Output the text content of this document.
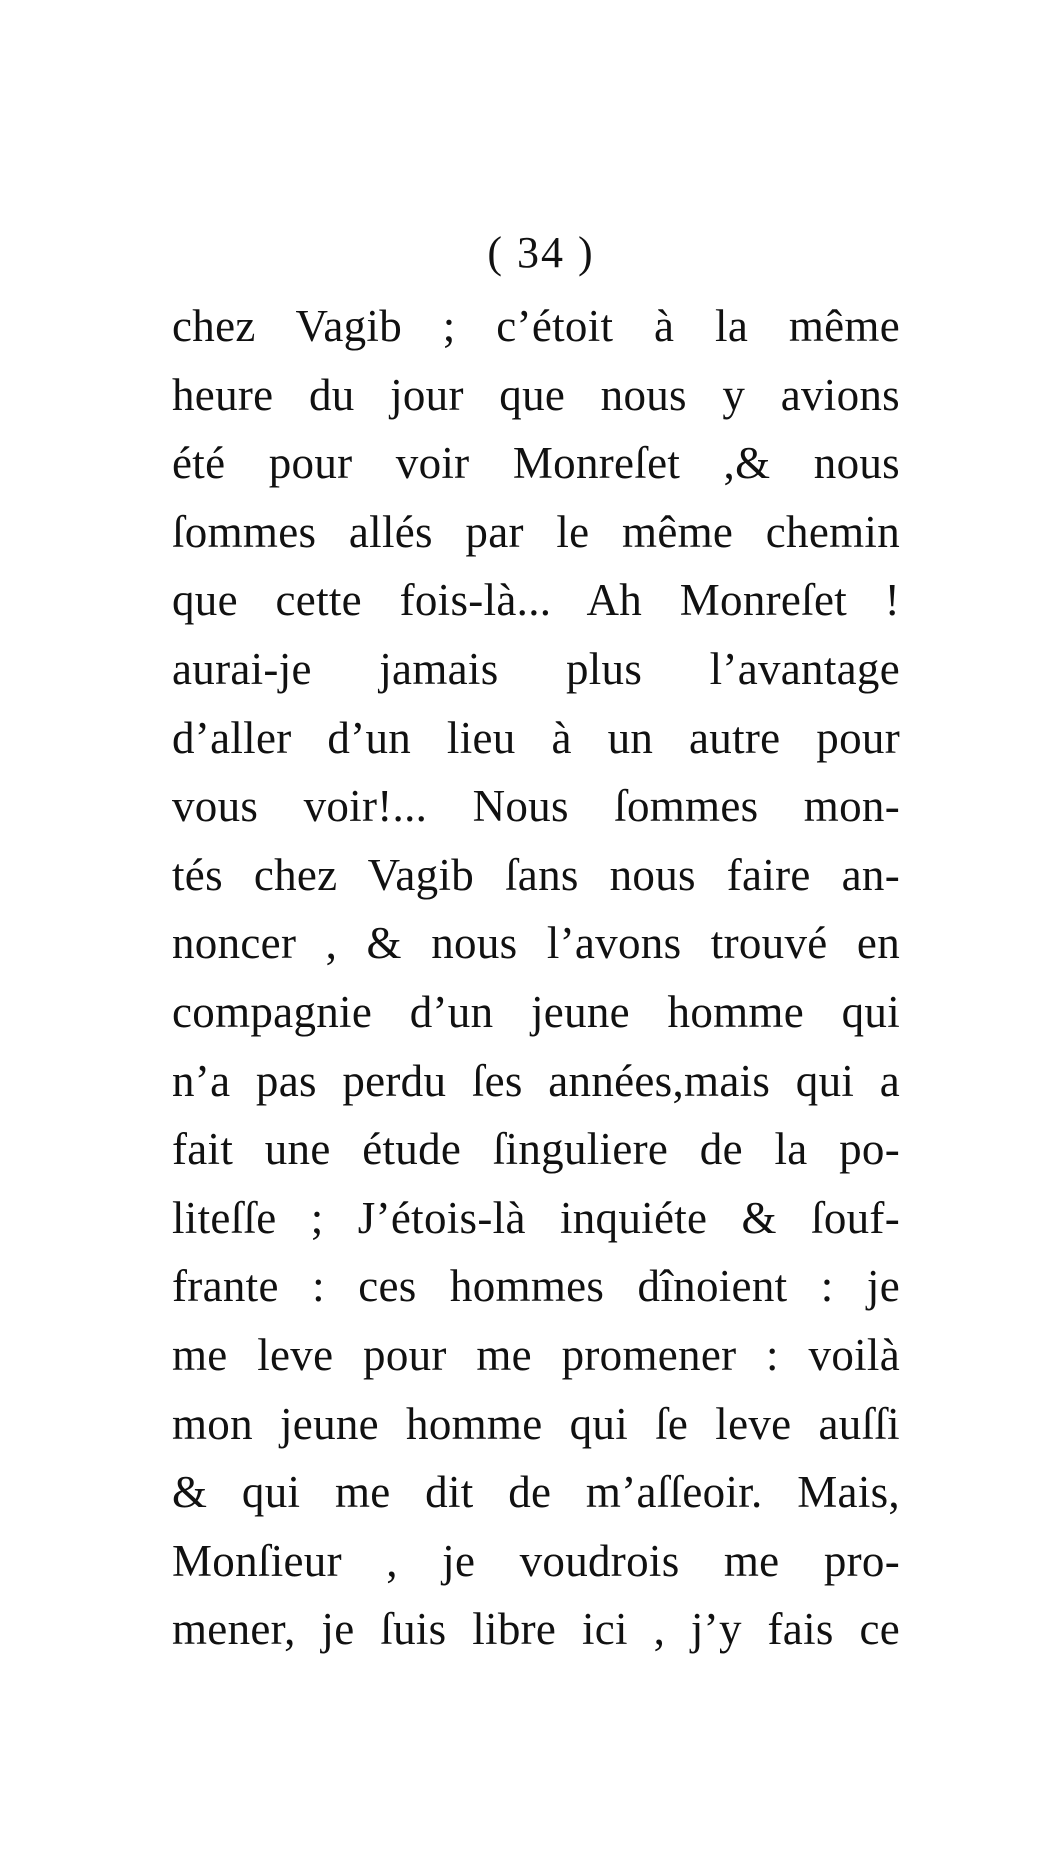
( 34 )
chez Vagib ; c’étoit à la même
heure du jour que nous y avions
été pour voir Monreſet ,& nous
ſommes allés par le même chemin
que cette fois-là... Ah Monreſet !
aurai-je jamais plus l’avantage
d’aller d’un lieu à un autre pour
vous voir!... Nous ſommes mon-
tés chez Vagib ſans nous faire an-
noncer , & nous l’avons trouvé en
compagnie d’un jeune homme qui
n’a pas perdu ſes années,mais qui a
fait une étude ſinguliere de la po-
liteſſe ; J’étois-là inquiéte & ſouf-
frante : ces hommes dînoient : je
me leve pour me promener : voilà
mon jeune homme qui ſe leve auſſi
& qui me dit de m’aſſeoir. Mais,
Monſieur , je voudrois me pro-
mener, je ſuis libre ici , j’y fais ce
